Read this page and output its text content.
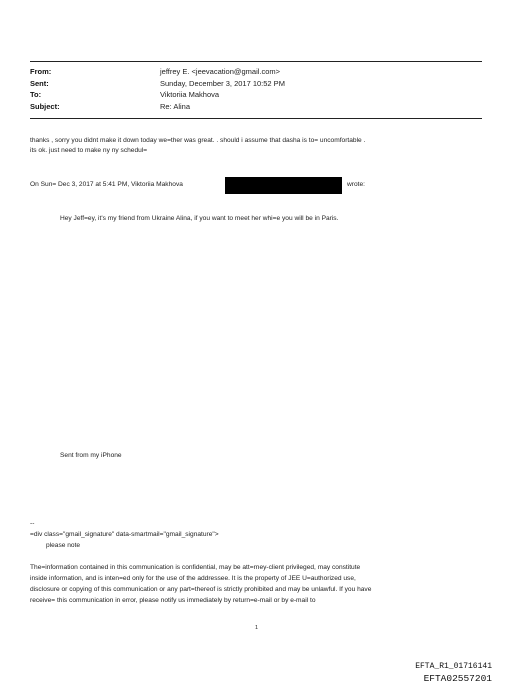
From:	jeffrey E. <jeevacation@gmail.com>
Sent:	Sunday, December 3, 2017 10:52 PM
To:	Viktoriia Makhova
Subject:	Re: Alina
thanks , sorry you didnt make it down today we=ther was great. . should i assume that dasha is to= uncomfortable .
its ok. just need to make ny ny schedul=
On Sun= Dec 3, 2017 at 5:41 PM, Viktoriia Makhova	wrote:
Hey Jeff=ey, it's my friend from Ukraine Alina, if you want to meet her whi=e you will be in Paris.
Sent from my iPhone
--
=div class="gmail_signature" data-smartmail="gmail_signature">
please note
The=information contained in this communication is confidential, may be att=rney-client privileged, may constitute
inside information, and is inten=ed only for the use of the addressee. It is the property of JEE U=authorized use,
disclosure or copying of this communication or any part=thereof is strictly prohibited and may be unlawful. If you have
receive= this communication in error, please notify us immediately by return=e-mail or by e-mail to
1
EFTA_R1_01716141
EFTA02557201
